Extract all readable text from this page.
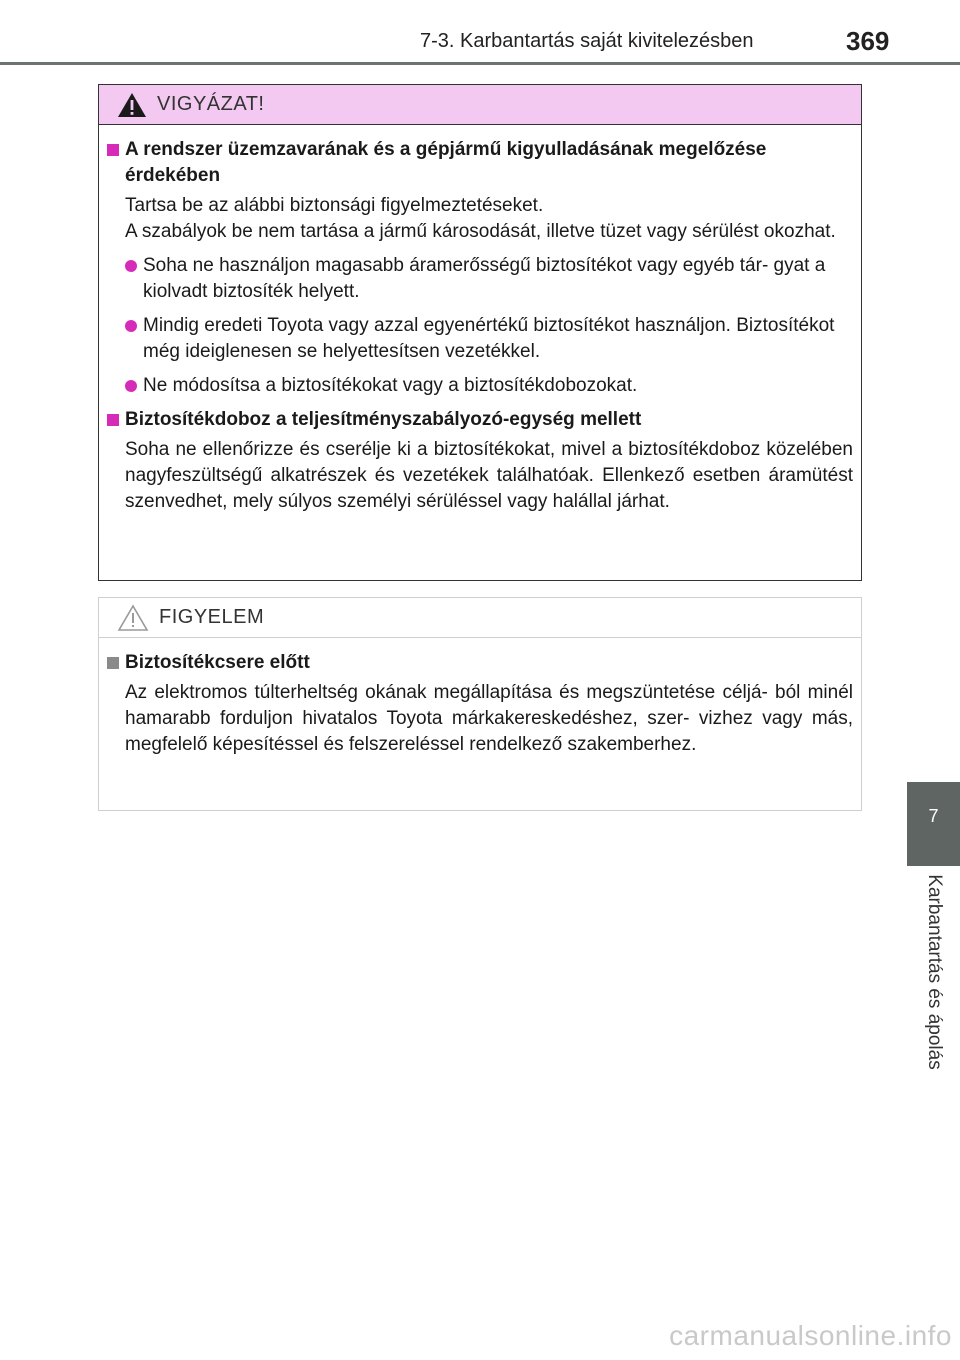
7-3. Karbantartás saját kivitelezésben	369
VIGYÁZAT!
A rendszer üzemzavarának és a gépjármű kigyulladásának megelőzése érdekében
Tartsa be az alábbi biztonsági figyelmeztetéseket.
A szabályok be nem tartása a jármű károsodását, illetve tüzet vagy sérülést okozhat.
Soha ne használjon magasabb áramerősségű biztosítékot vagy egyéb tár- gyat a kiolvadt biztosíték helyett.
Mindig eredeti Toyota vagy azzal egyenértékű biztosítékot használjon. Biztosítékot még ideiglenesen se helyettesítsen vezetékkel.
Ne módosítsa a biztosítékokat vagy a biztosítékdobozokat.
Biztosítékdoboz a teljesítményszabályozó-egység mellett
Soha ne ellenőrizze és cserélje ki a biztosítékokat, mivel a biztosítékdoboz közelében nagyfeszültségű alkatrészek és vezetékek találhatóak. Ellenkező esetben áramütést szenvedhet, mely súlyos személyi sérüléssel vagy halállal járhat.
FIGYELEM
Biztosítékcsere előtt
Az elektromos túlterheltség okának megállapítása és megszüntetése céljá- ból minél hamarabb forduljon hivatalos Toyota márkakereskedéshez, szer- vizhez vagy más, megfelelő képesítéssel és felszereléssel rendelkező szakemberhez.
7
Karbantartás és ápolás
carmanualsonline.info
